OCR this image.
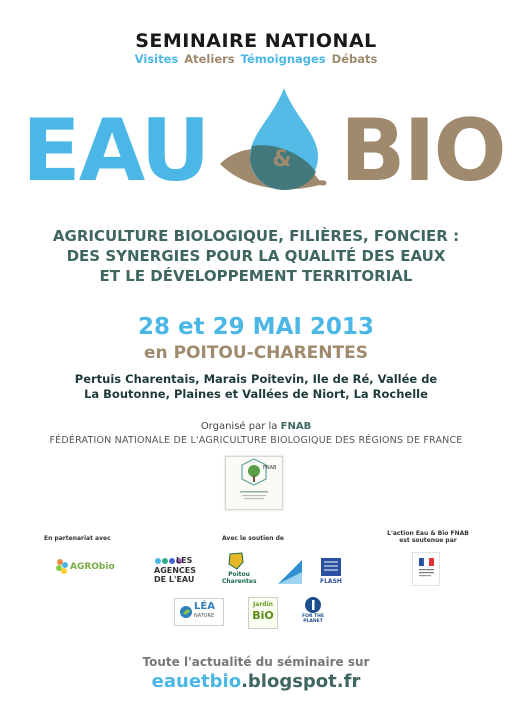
SEMINAIRE NATIONAL
Visites Ateliers Témoignages Débats
EAU	& BIO
AGRICULTURE BIOLOGIQUE, FILIÈRES, FONCIER :
DES SYNERGIES POUR LA QUALITÉ DES EAUX
ET LE DÉVELOPPEMENT TERRITORIAL
28 et 29 MAI 2013
en POITOU-CHARENTES
Pertuis Charentais, Marais Poitevin, Ile de Ré, Vallée de
La Boutonne, Plaines et Vallées de Niort, La Rochelle
Organisé par la FNAB
FÉDÉRATION NATIONALE DE L'AGRICULTURE BIOLOGIQUE DES RÉGIONS DE FRANCE
FNAB
En partenariat avec	Avec le soutien de
L'action Eau & Bio FNAB
est soutenue par
AGRObio
LES
AGENCES
DE L'EAU
Poitou Charentes	FLASH
LÉA
NATURE
Jardin
BiO	FOR THE
PLANET
Toute l'actualité du séminaire sur
eauetbio.blogspot.fr
